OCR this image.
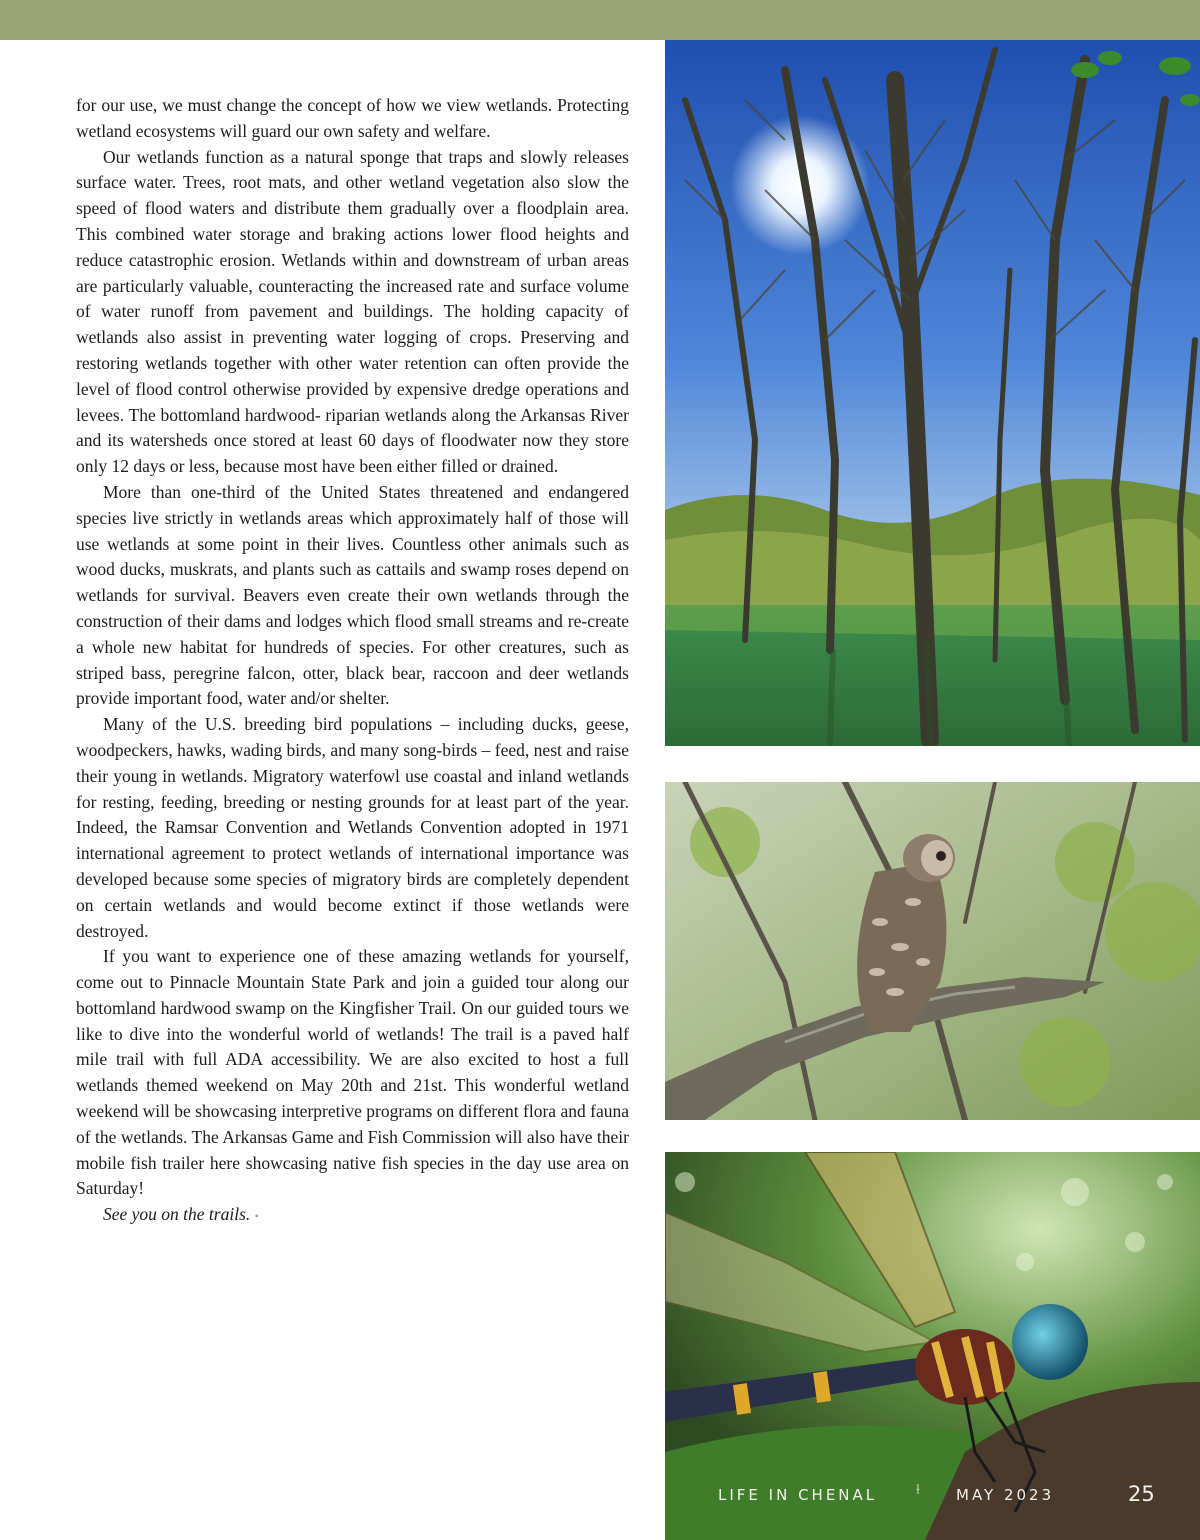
for our use, we must change the concept of how we view wetlands. Protecting wetland ecosystems will guard our own safety and welfare.

Our wetlands function as a natural sponge that traps and slowly releases surface water. Trees, root mats, and other wetland vegetation also slow the speed of flood waters and distribute them gradually over a floodplain area. This combined water storage and braking actions lower flood heights and reduce catastrophic erosion. Wetlands within and downstream of urban areas are particularly valuable, counteracting the increased rate and surface volume of water runoff from pavement and buildings. The holding capacity of wetlands also assist in preventing water logging of crops. Preserving and restoring wetlands together with other water retention can often provide the level of flood control otherwise provided by expensive dredge operations and levees. The bottomland hardwood- riparian wetlands along the Arkansas River and its watersheds once stored at least 60 days of floodwater now they store only 12 days or less, because most have been either filled or drained.

More than one-third of the United States threatened and endangered species live strictly in wetlands areas which approximately half of those will use wetlands at some point in their lives. Countless other animals such as wood ducks, muskrats, and plants such as cattails and swamp roses depend on wetlands for survival. Beavers even create their own wetlands through the construction of their dams and lodges which flood small streams and re-create a whole new habitat for hundreds of species. For other creatures, such as striped bass, peregrine falcon, otter, black bear, raccoon and deer wetlands provide important food, water and/or shelter.

Many of the U.S. breeding bird populations – including ducks, geese, woodpeckers, hawks, wading birds, and many song-birds – feed, nest and raise their young in wetlands. Migratory waterfowl use coastal and inland wetlands for resting, feeding, breeding or nesting grounds for at least part of the year. Indeed, the Ramsar Convention and Wetlands Convention adopted in 1971 international agreement to protect wetlands of international importance was developed because some species of migratory birds are completely dependent on certain wetlands and would become extinct if those wetlands were destroyed.

If you want to experience one of these amazing wetlands for yourself, come out to Pinnacle Mountain State Park and join a guided tour along our bottomland hardwood swamp on the Kingfisher Trail. On our guided tours we like to dive into the wonderful world of wetlands! The trail is a paved half mile trail with full ADA accessibility. We are also excited to host a full wetlands themed weekend on May 20th and 21st. This wonderful wetland weekend will be showcasing interpretive programs on different flora and fauna of the wetlands. The Arkansas Game and Fish Commission will also have their mobile fish trailer here showcasing native fish species in the day use area on Saturday!

See you on the trails. •

LIFE IN CHENAL	⟊ MAY 2023	25
